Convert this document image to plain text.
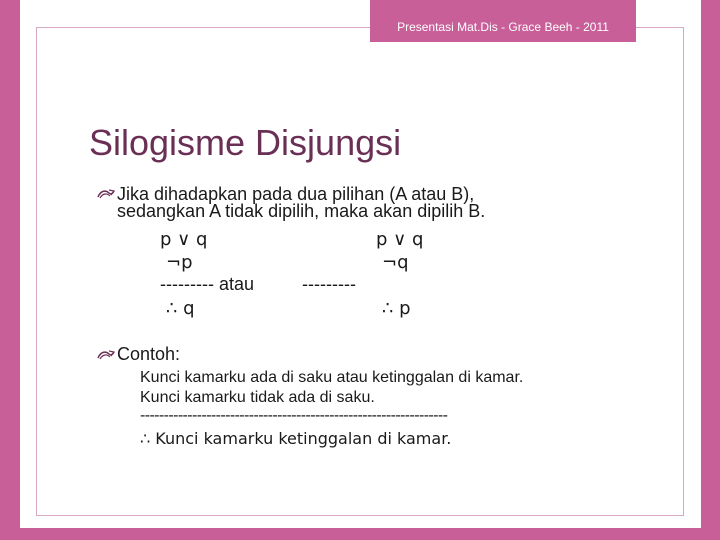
Presentasi Mat.Dis - Grace Beeh - 2011
Silogisme Disjungsi
Jika dihadapkan pada dua pilihan (A atau B),
sedangkan A tidak dipilih, maka akan dipilih B.
p ∨ q	p ∨ q
¬p	¬q
--------- atau	---------
∴ q	∴ p
Contoh:
Kunci kamarku ada di saku atau ketinggalan di kamar.
Kunci kamarku tidak ada di saku.
-----------------------------------------------------------------
∴ Kunci kamarku ketinggalan di kamar.
